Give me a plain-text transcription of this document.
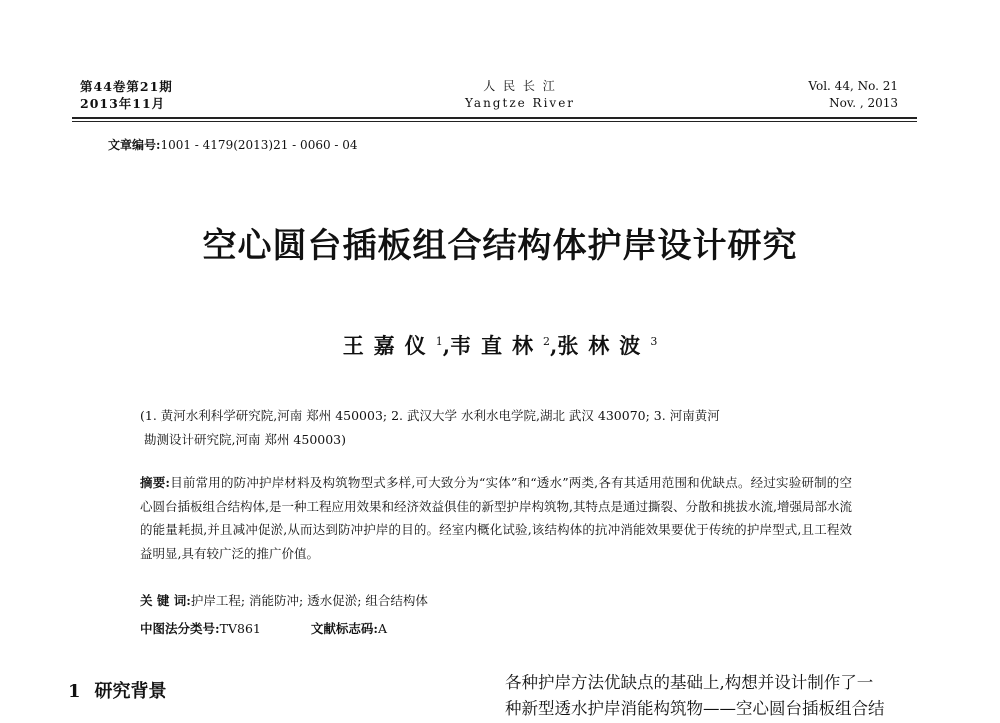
第44卷第21期
2013年11月
人 民 长 江
Yangtze River
Vol. 44, No. 21
Nov. , 2013
文章编号:1001 - 4179(2013)21 - 0060 - 04
空心圆台插板组合结构体护岸设计研究
王嘉仪$^1$,韦直林$^2$,张林波$^3$
(1. 黄河水利科学研究院,河南 郑州 450003; 2. 武汉大学 水利水电学院,湖北 武汉 430070; 3. 河南黄河
勘测设计研究院,河南 郑州 450003)
摘要:目前常用的防冲护岸材料及构筑物型式多样,可大致分为“实体”和“透水”两类,各有其适用范围和优缺点。经过实验研制的空心圆台插板组合结构体,是一种工程应用效果和经济效益俱佳的新型护岸构筑物,其特点是通过撕裂、分散和挑拔水流,增强局部水流的能量耗损,并且减冲促淤,从而达到防冲护岸的目的。经室内概化试验,该结构体的抗冲消能效果要优于传统的护岸型式,且工程效益明显,具有较广泛的推广价值。
关 键 词:护岸工程; 消能防冲; 透水促淤; 组合结构体
中图法分类号:TV861	文献标志码:A
1 研究背景	各种护岸方法优缺点的基础上,构想并设计制作了一
种新型透水护岸消能构筑物——空心圆台插板组合结
